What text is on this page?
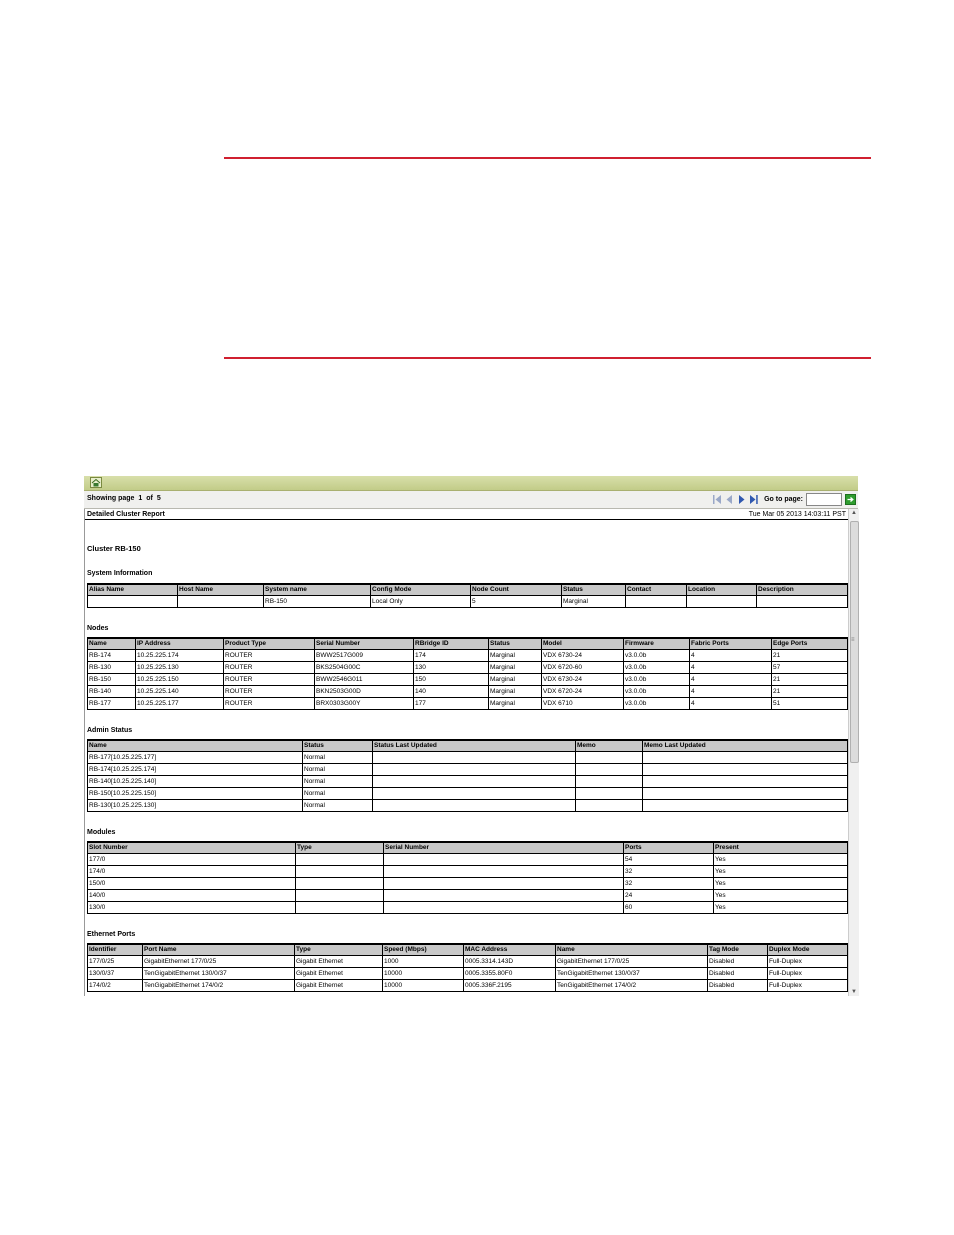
Showing page 1 of 5	Go to page:
Detailed Cluster Report	Tue Mar 05 2013 14:03:11 PST
Cluster RB-150
System Information
Alias Name	Host Name	System name	Config Mode	Node Count	Status	Contact	Location	Description
		RB-150	Local Only	5	Marginal			
Nodes
Name	IP Address	Product Type	Serial Number	RBridge ID	Status	Model	Firmware	Fabric Ports	Edge Ports
RB-174	10.25.225.174	ROUTER	BWW2517G009	174	Marginal	VDX 6730-24	v3.0.0b	4	21
RB-130	10.25.225.130	ROUTER	BKS2504G00C	130	Marginal	VDX 6720-60	v3.0.0b	4	57
RB-150	10.25.225.150	ROUTER	BWW2546G011	150	Marginal	VDX 6730-24	v3.0.0b	4	21
RB-140	10.25.225.140	ROUTER	BKN2503G00D	140	Marginal	VDX 6720-24	v3.0.0b	4	21
RB-177	10.25.225.177	ROUTER	BRX0303G00Y	177	Marginal	VDX 6710	v3.0.0b	4	51
Admin Status
Name	Status	Status Last Updated	Memo	Memo Last Updated
RB-177[10.25.225.177]	Normal			
RB-174[10.25.225.174]	Normal			
RB-140[10.25.225.140]	Normal			
RB-150[10.25.225.150]	Normal			
RB-130[10.25.225.130]	Normal			
Modules
Slot Number	Type	Serial Number	Ports	Present
177/0			54	Yes
174/0			32	Yes
150/0			32	Yes
140/0			24	Yes
130/0			60	Yes
Ethernet Ports
Identifier	Port Name	Type	Speed (Mbps)	MAC Address	Name	Tag Mode	Duplex Mode
177/0/25	GigabitEthernet 177/0/25	Gigabit Ethernet	1000	0005.3314.143D	GigabitEthernet 177/0/25	Disabled	Full-Duplex
130/0/37	TenGigabitEthernet 130/0/37	Gigabit Ethernet	10000	0005.3355.80F0	TenGigabitEthernet 130/0/37	Disabled	Full-Duplex
174/0/2	TenGigabitEthernet 174/0/2	Gigabit Ethernet	10000	0005.336F.2195	TenGigabitEthernet 174/0/2	Disabled	Full-Duplex
▲
≡
▼
